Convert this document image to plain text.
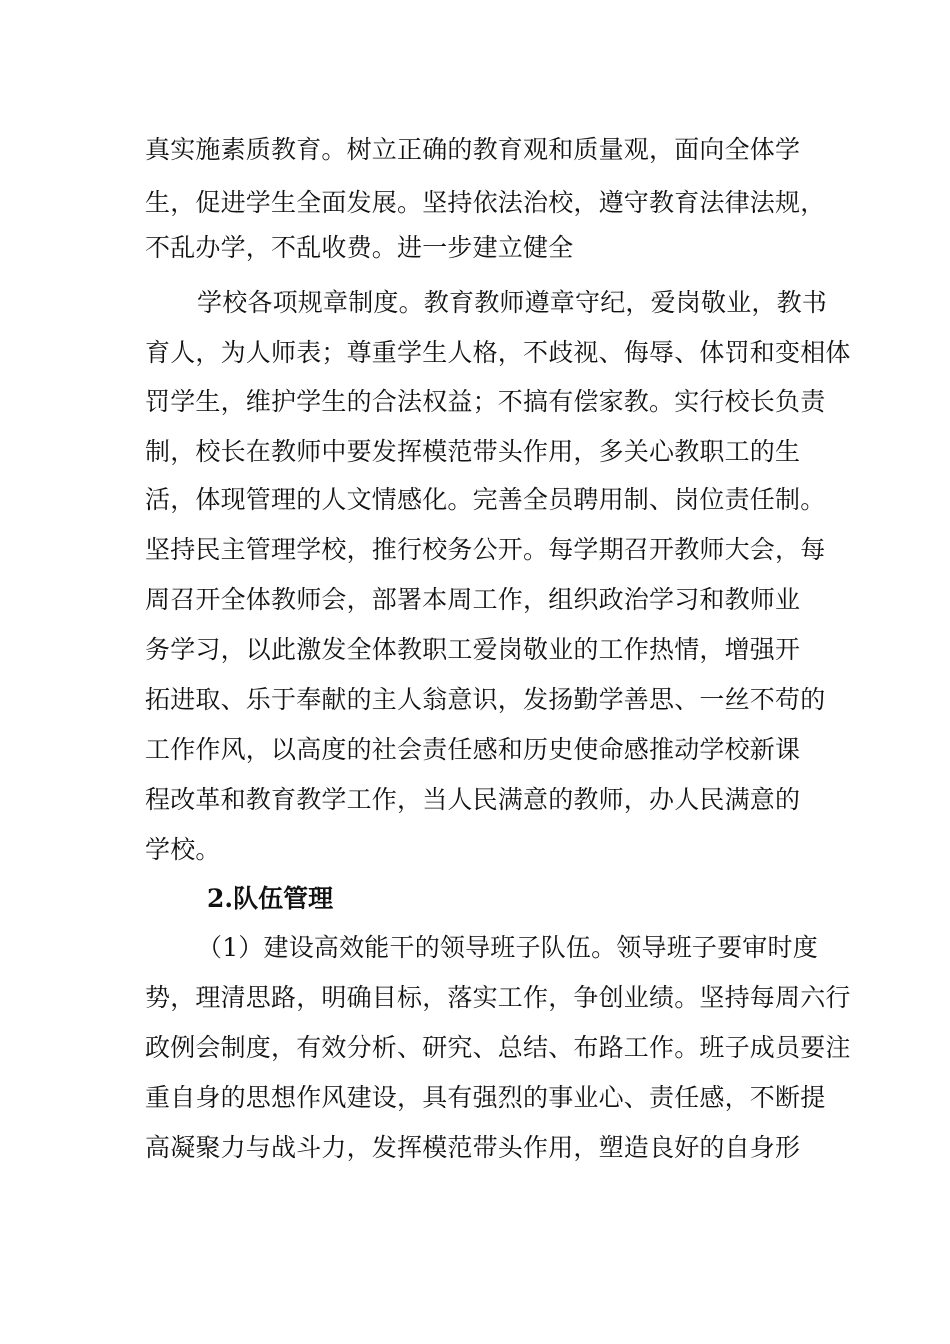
真实施素质教育。树立正确的教育观和质量观，面向全体学
生，促进学生全面发展。坚持依法治校，遵守教育法律法规，
不乱办学，不乱收费。进一步建立健全
学校各项规章制度。教育教师遵章守纪，爱岗敬业，教书
育人，为人师表；尊重学生人格，不歧视、侮辱、体罚和变相体
罚学生，维护学生的合法权益；不搞有偿家教。实行校长负责
制，校长在教师中要发挥模范带头作用，多关心教职工的生
活，体现管理的人文情感化。完善全员聘用制、岗位责任制。
坚持民主管理学校，推行校务公开。每学期召开教师大会，每
周召开全体教师会，部署本周工作，组织政治学习和教师业
务学习，以此激发全体教职工爱岗敬业的工作热情，增强开
拓进取、乐于奉献的主人翁意识，发扬勤学善思、一丝不苟的
工作作风，以高度的社会责任感和历史使命感推动学校新课
程改革和教育教学工作，当人民满意的教师，办人民满意的
学校。
2.队伍管理
（1）建设高效能干的领导班子队伍。领导班子要审时度
势，理清思路，明确目标，落实工作，争创业绩。坚持每周六行
政例会制度，有效分析、研究、总结、布路工作。班子成员要注
重自身的思想作风建设，具有强烈的事业心、责任感，不断提
高凝聚力与战斗力，发挥模范带头作用，塑造良好的自身形
